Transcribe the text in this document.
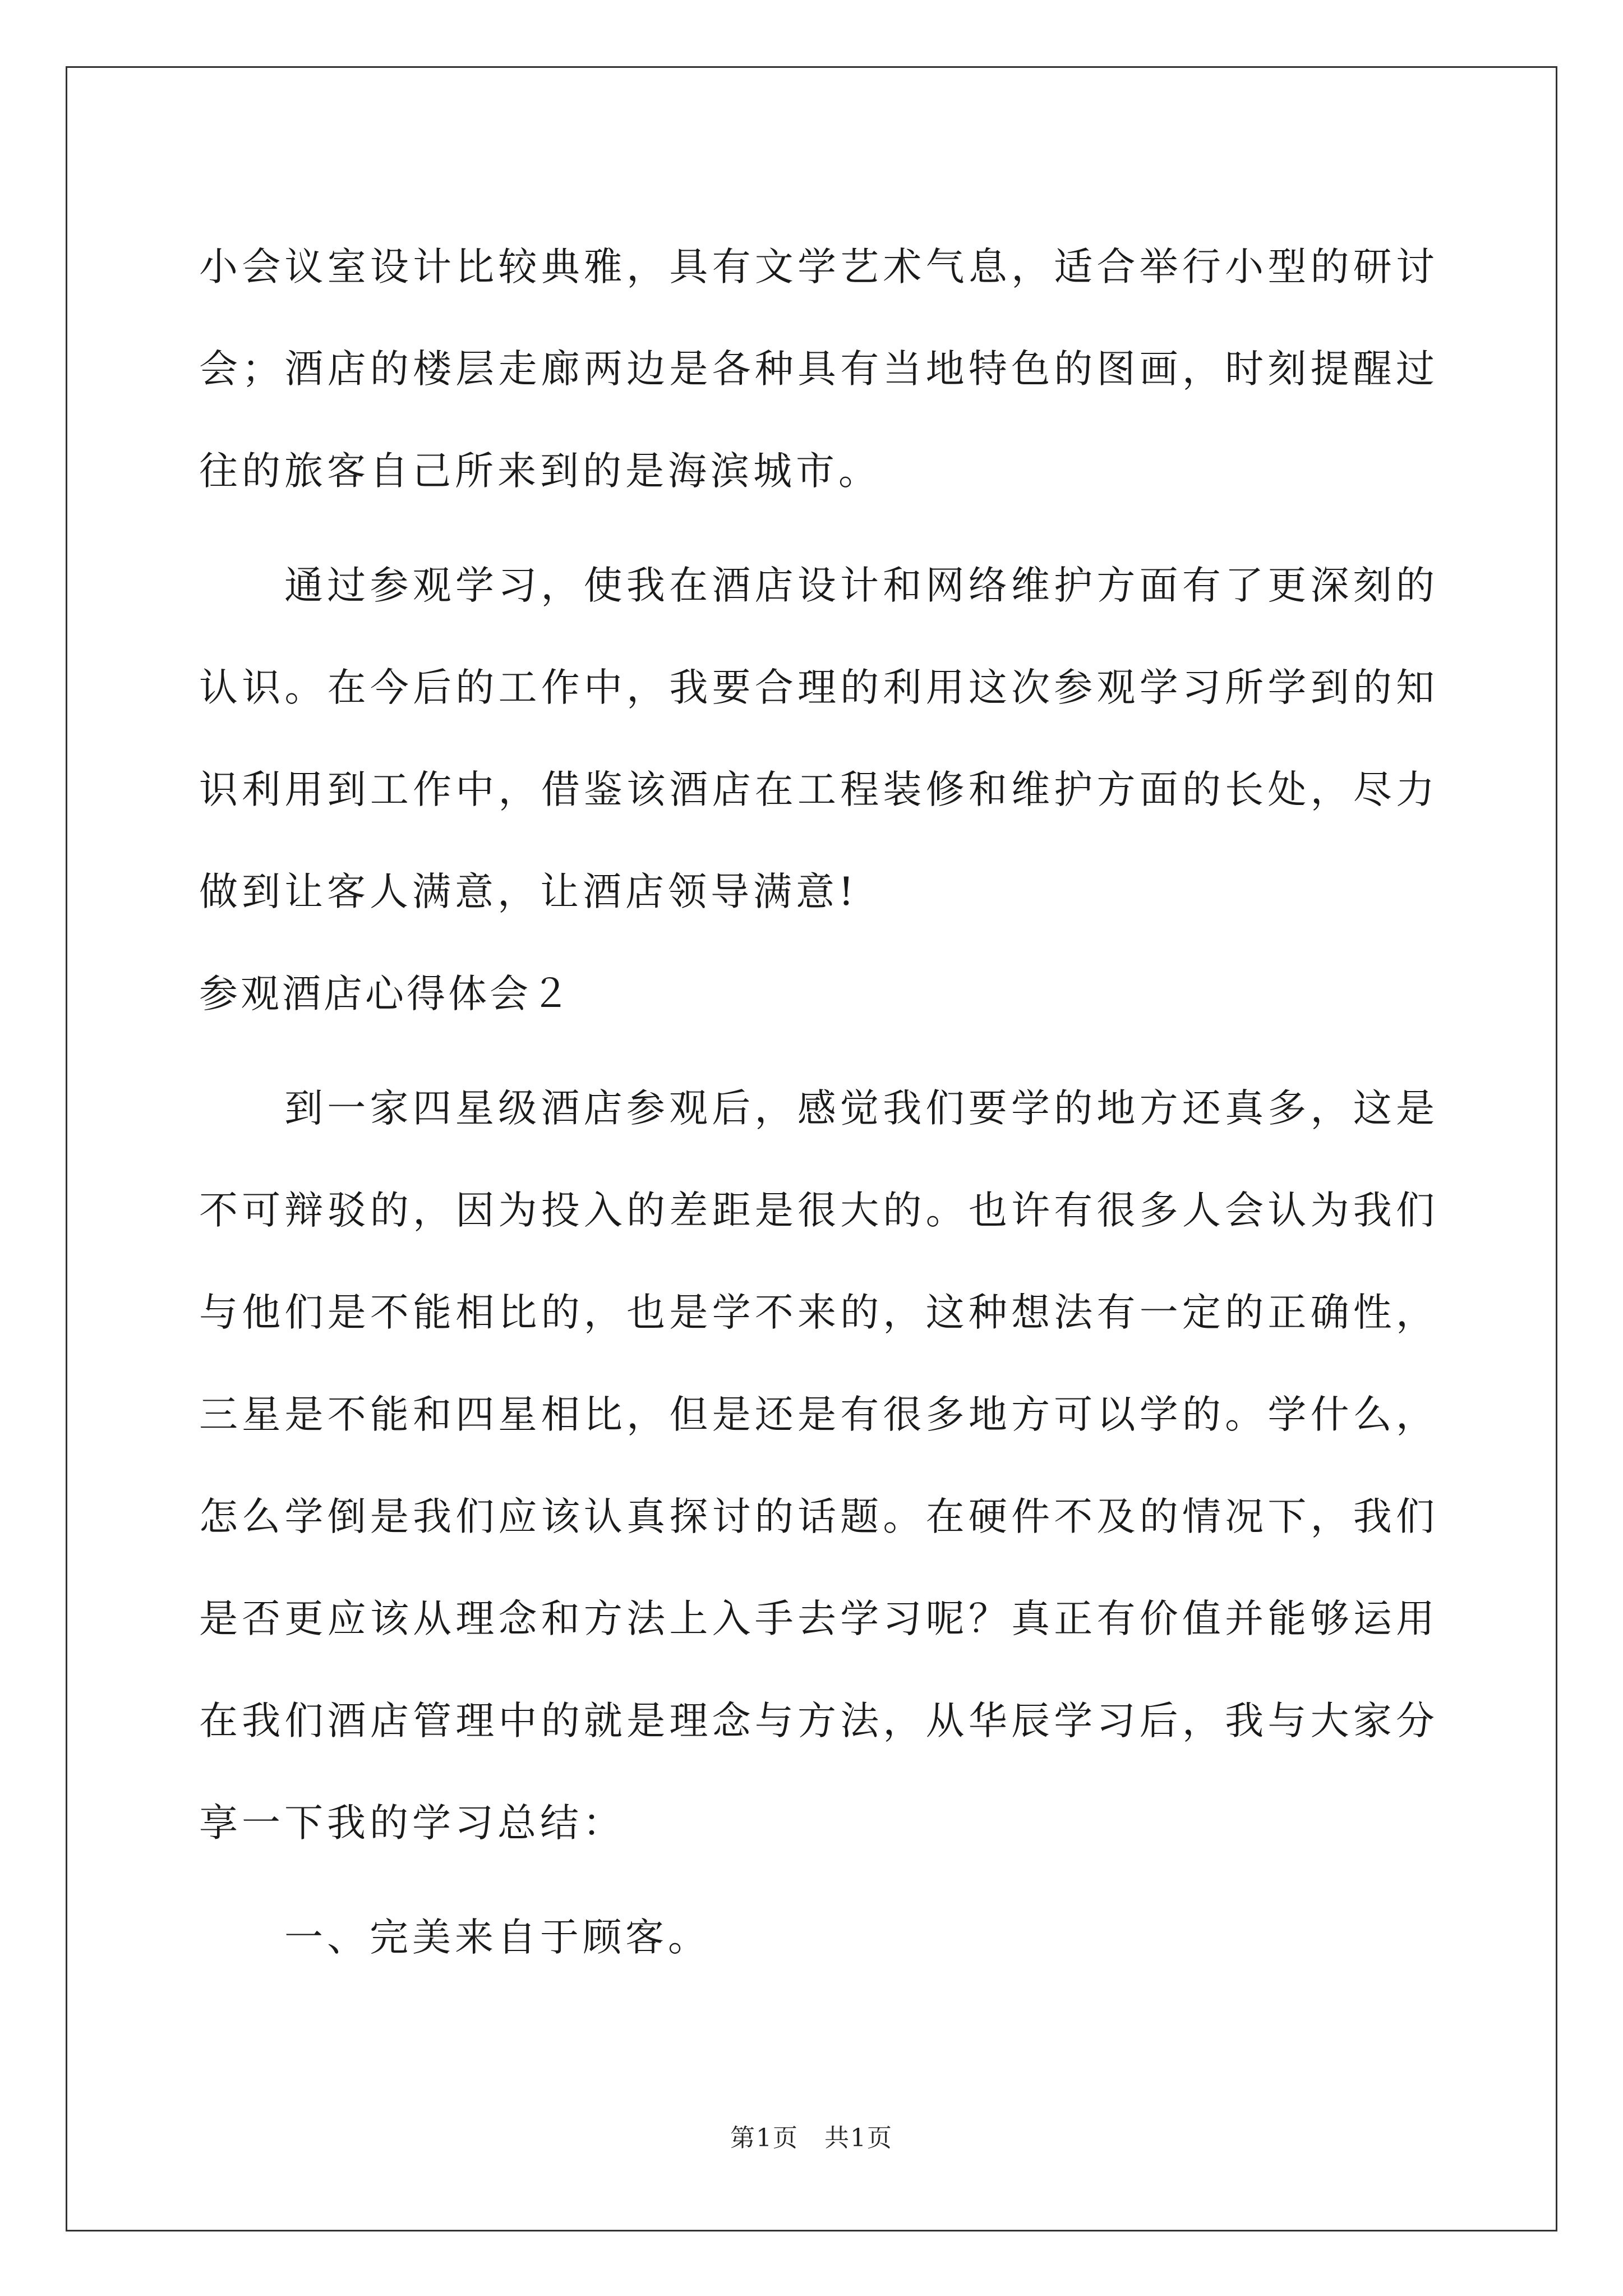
小会议室设计比较典雅，具有文学艺术气息，适合举行小型的研讨会；酒店的楼层走廊两边是各种具有当地特色的图画，时刻提醒过往的旅客自己所来到的是海滨城市。

通过参观学习，使我在酒店设计和网络维护方面有了更深刻的认识。在今后的工作中，我要合理的利用这次参观学习所学到的知识利用到工作中，借鉴该酒店在工程装修和维护方面的长处，尽力做到让客人满意，让酒店领导满意!

参观酒店心得体会２

到一家四星级酒店参观后，感觉我们要学的地方还真多，这是不可辩驳的，因为投入的差距是很大的。也许有很多人会认为我们与他们是不能相比的，也是学不来的，这种想法有一定的正确性，三星是不能和四星相比，但是还是有很多地方可以学的。学什么，怎么学倒是我们应该认真探讨的话题。在硬件不及的情况下，我们是否更应该从理念和方法上入手去学习呢？真正有价值并能够运用在我们酒店管理中的就是理念与方法，从华辰学习后，我与大家分享一下我的学习总结：

一、完美来自于顾客。

第1页　共1页
